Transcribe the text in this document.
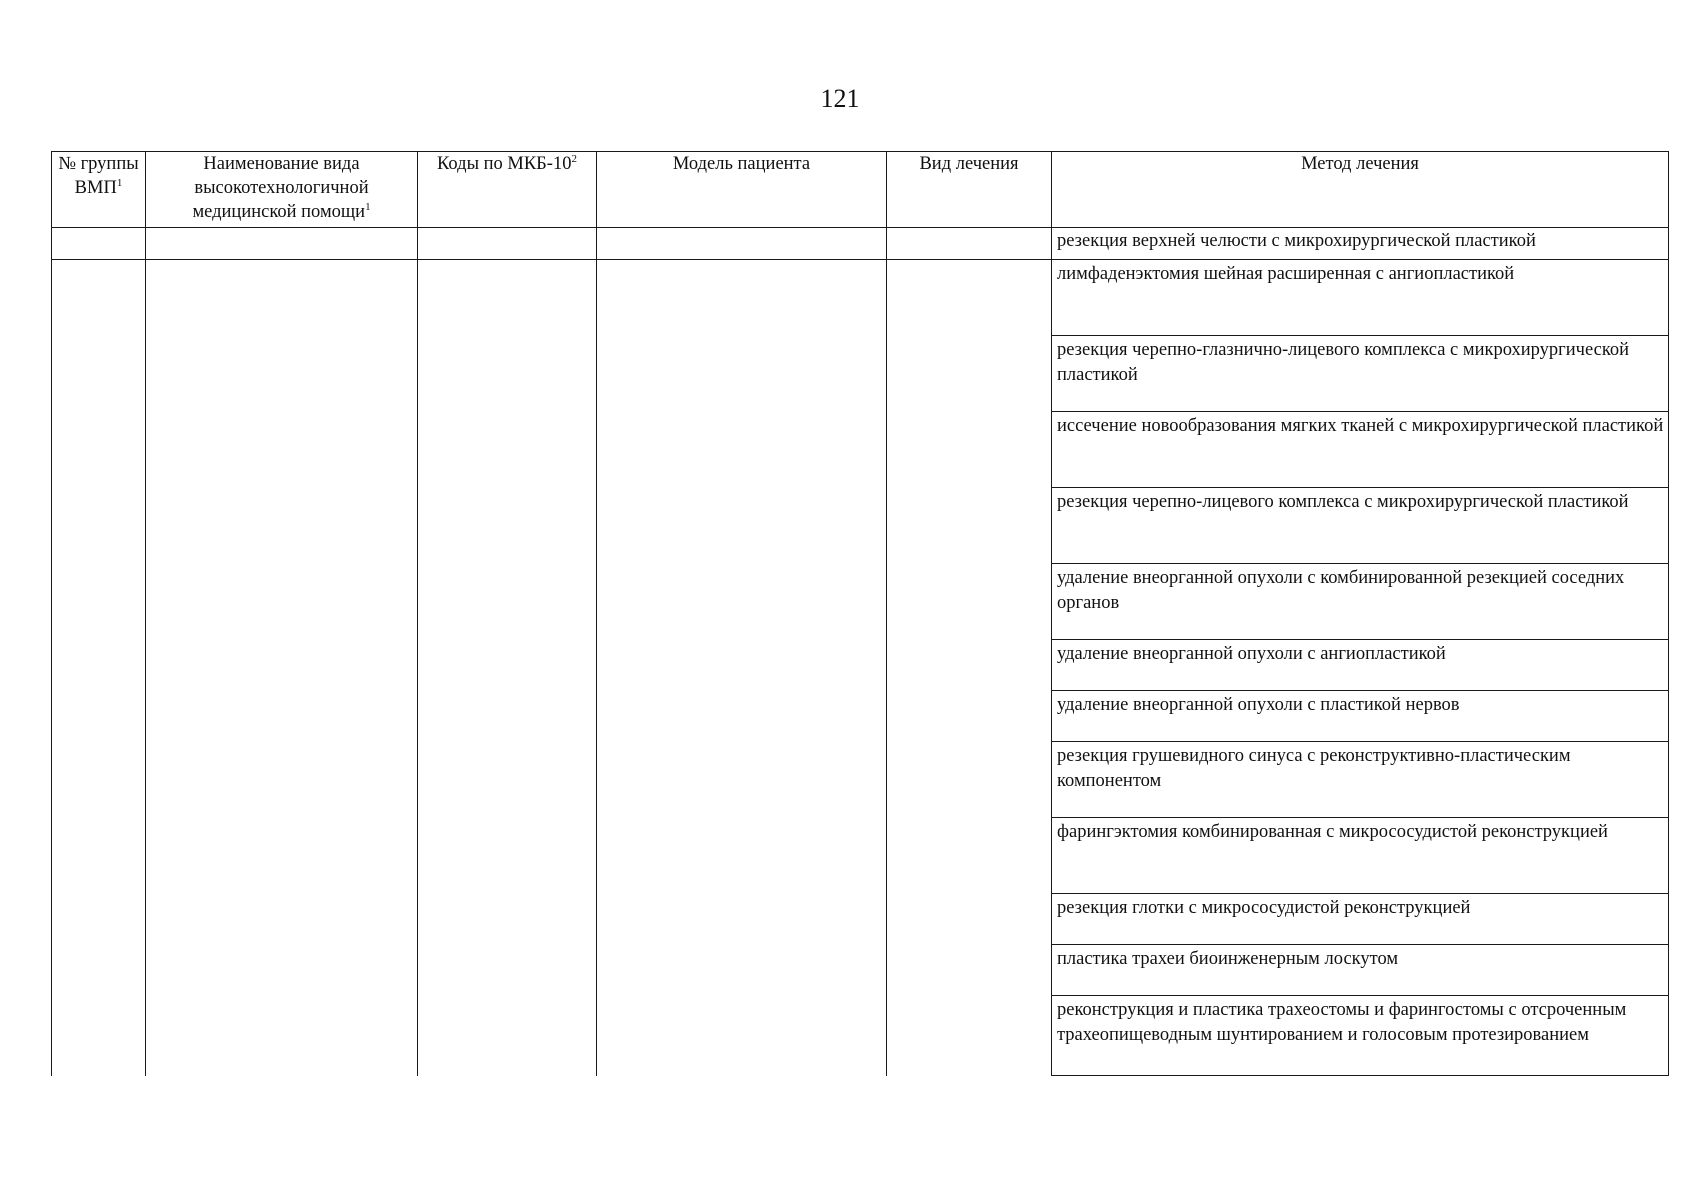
121
№ группы ВМП$^1$	Наименование вида высокотехнологичной медицинской помощи$^1$	Коды по МКБ-$10^2$	Модель пациента	Вид лечения	Метод лечения
					резекция верхней челюсти с микрохирургической пластикой
					лимфаденэктомия шейная расширенная с ангиопластикой
					резекция черепно-глазнично-лицевого комплекса с микрохирургической пластикой
					иссечение новообразования мягких тканей с микрохирургической пластикой
					резекция черепно-лицевого комплекса с микрохирургической пластикой
					удаление внеорганной опухоли с комбинированной резекцией соседних органов
					удаление внеорганной опухоли с ангиопластикой
					удаление внеорганной опухоли с пластикой нервов
					резекция грушевидного синуса с реконструктивно-пластическим компонентом
					фарингэктомия комбинированная с микрососудистой реконструкцией
					резекция глотки с микрососудистой реконструкцией
					пластика трахеи биоинженерным лоскутом
					реконструкция и пластика трахеостомы и фарингостомы с отсроченным трахеопищеводным шунтированием и голосовым протезированием
